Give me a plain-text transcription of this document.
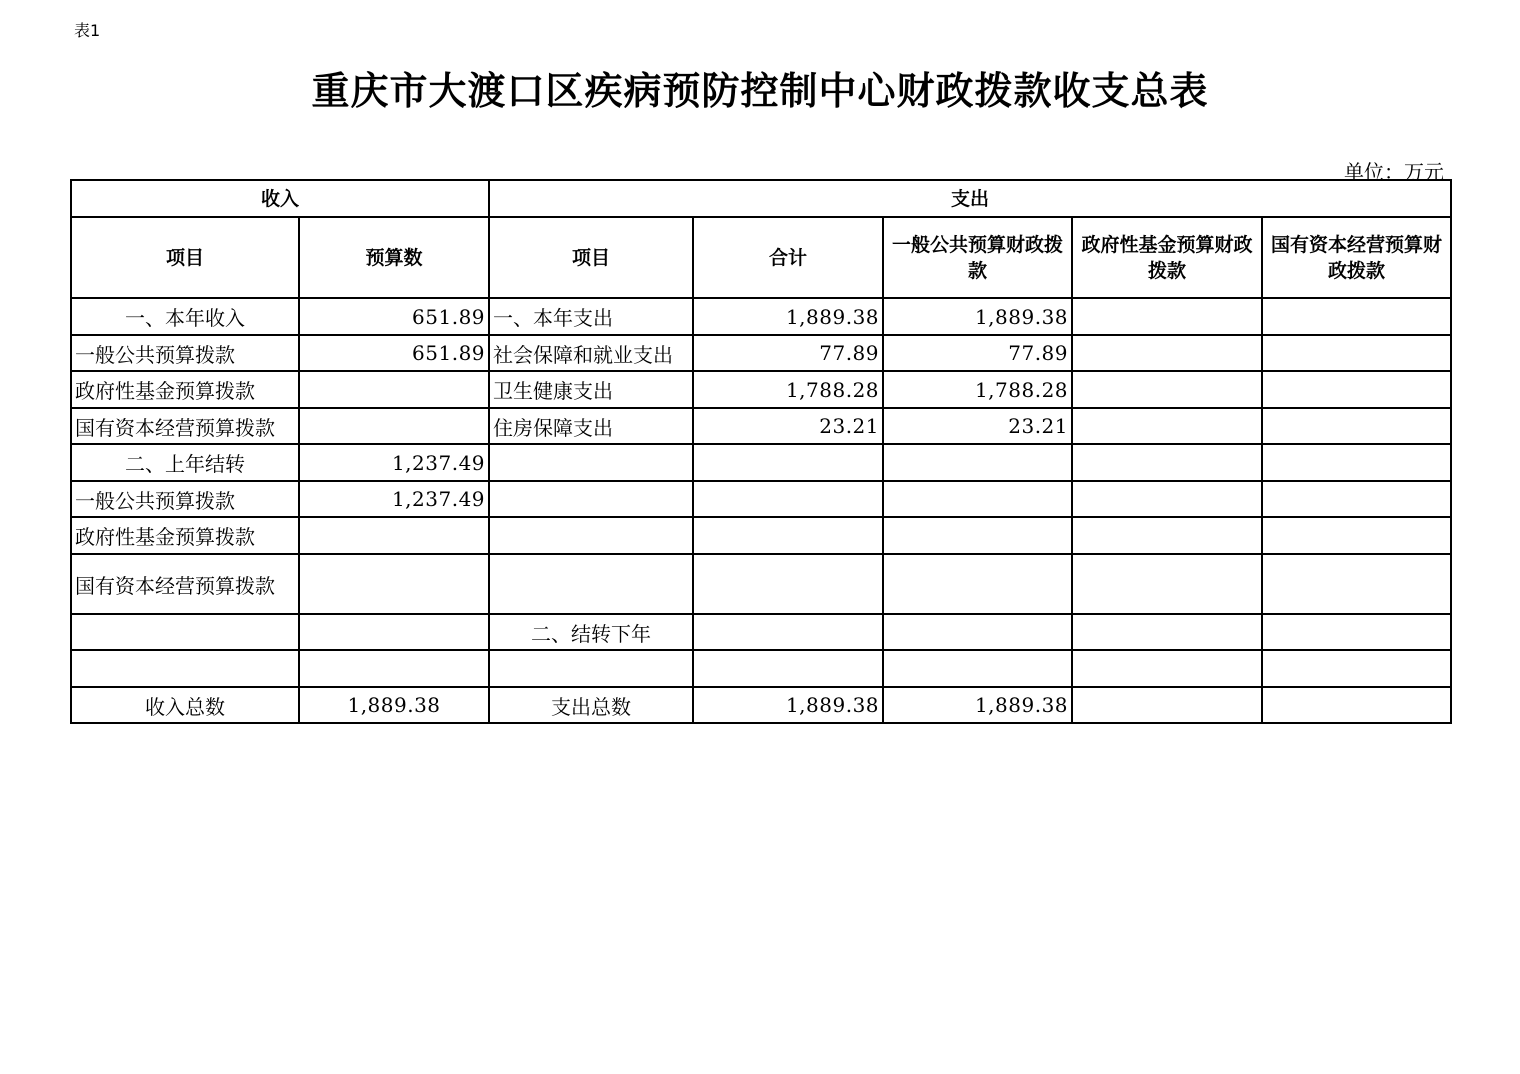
表1
重庆市大渡口区疾病预防控制中心财政拨款收支总表
单位：万元
收入		支出				
项目	预算数	项目	合计	一般公共预算财政拨款	政府性基金预算财政拨款	国有资本经营预算财政拨款
一、本年收入	651.89	一、本年支出	1,889.38	1,889.38		
一般公共预算拨款	651.89	社会保障和就业支出	77.89	77.89		
政府性基金预算拨款		卫生健康支出	1,788.28	1,788.28		
国有资本经营预算拨款		住房保障支出	23.21	23.21		
二、上年结转	1,237.49					
一般公共预算拨款	1,237.49					
政府性基金预算拨款						
国有资本经营预算拨款						
		二、结转下年				

收入总数	1,889.38	支出总数	1,889.38	1,889.38		
